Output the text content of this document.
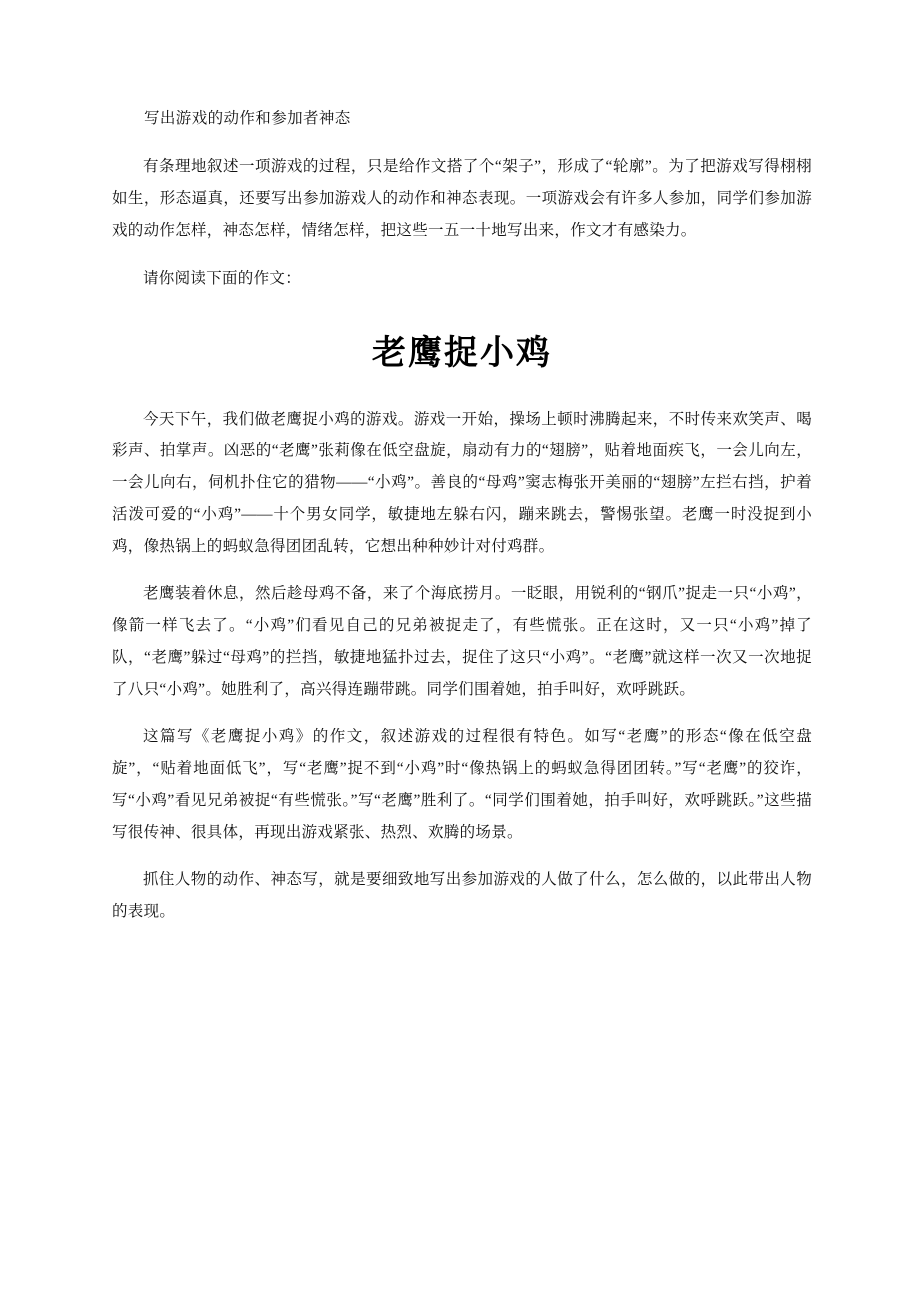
写出游戏的动作和参加者神态

有条理地叙述一项游戏的过程，只是给作文搭了个“架子”，形成了“轮廓”。为了把游戏写得栩栩如生，形态逼真，还要写出参加游戏人的动作和神态表现。一项游戏会有许多人参加，同学们参加游戏的动作怎样，神态怎样，情绪怎样，把这些一五一十地写出来，作文才有感染力。

请你阅读下面的作文：

老鹰捉小鸡

今天下午，我们做老鹰捉小鸡的游戏。游戏一开始，操场上顿时沸腾起来，不时传来欢笑声、喝彩声、拍掌声。凶恶的“老鹰”张莉像在低空盘旋，扇动有力的“翅膀”，贴着地面疾飞，一会儿向左，一会儿向右，伺机扑住它的猎物——“小鸡”。善良的“母鸡”窦志梅张开美丽的“翅膀”左拦右挡，护着活泼可爱的“小鸡”——十个男女同学，敏捷地左躲右闪，蹦来跳去，警惕张望。老鹰一时没捉到小鸡，像热锅上的蚂蚁急得团团乱转，它想出种种妙计对付鸡群。

老鹰装着休息，然后趁母鸡不备，来了个海底捞月。一眨眼，用锐利的“钢爪”捉走一只“小鸡”，像箭一样飞去了。“小鸡”们看见自己的兄弟被捉走了，有些慌张。正在这时，又一只“小鸡”掉了队，“老鹰”躲过“母鸡”的拦挡，敏捷地猛扑过去，捉住了这只“小鸡”。“老鹰”就这样一次又一次地捉了八只“小鸡”。她胜利了，高兴得连蹦带跳。同学们围着她，拍手叫好，欢呼跳跃。

这篇写《老鹰捉小鸡》的作文，叙述游戏的过程很有特色。如写“老鹰”的形态“像在低空盘旋”，“贴着地面低飞”，写“老鹰”捉不到“小鸡”时“像热锅上的蚂蚁急得团团转。”写“老鹰”的狡诈，写“小鸡”看见兄弟被捉“有些慌张。”写“老鹰”胜利了。“同学们围着她，拍手叫好，欢呼跳跃。”这些描写很传神、很具体，再现出游戏紧张、热烈、欢腾的场景。

抓住人物的动作、神态写，就是要细致地写出参加游戏的人做了什么，怎么做的，以此带出人物的表现。
